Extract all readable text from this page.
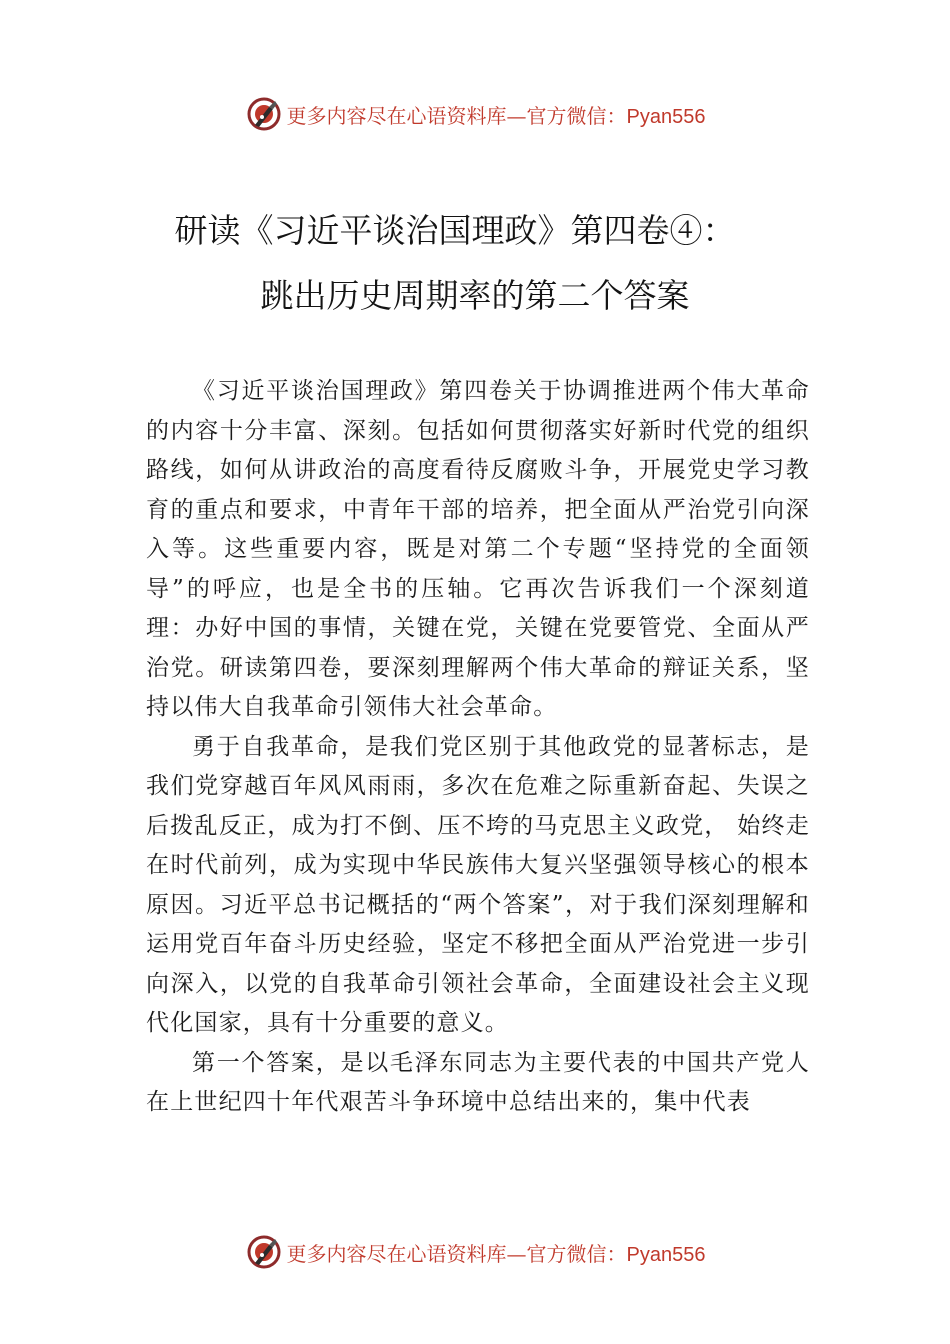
更多内容尽在心语资料库—官方微信：Pyan556
研读《习近平谈治国理政》第四卷④：
跳出历史周期率的第二个答案

《习近平谈治国理政》第四卷关于协调推进两个伟大革命的内容十分丰富、深刻。包括如何贯彻落实好新时代党的组织路线，如何从讲政治的高度看待反腐败斗争，开展党史学习教育的重点和要求，中青年干部的培养，把全面从严治党引向深入等。这些重要内容，既是对第二个专题“坚持党的全面领导”的呼应，也是全书的压轴。它再次告诉我们一个深刻道理：办好中国的事情，关键在党，关键在党要管党、全面从严治党。研读第四卷，要深刻理解两个伟大革命的辩证关系，坚持以伟大自我革命引领伟大社会革命。

勇于自我革命，是我们党区别于其他政党的显著标志，是我们党穿越百年风风雨雨，多次在危难之际重新奋起、失误之后拨乱反正，成为打不倒、压不垮的马克思主义政党， 始终走在时代前列，成为实现中华民族伟大复兴坚强领导核心的根本原因。习近平总书记概括的“两个答案”，对于我们深刻理解和运用党百年奋斗历史经验，坚定不移把全面从严治党进一步引向深入，以党的自我革命引领社会革命，全面建设社会主义现代化国家，具有十分重要的意义。

第一个答案，是以毛泽东同志为主要代表的中国共产党人在上世纪四十年代艰苦斗争环境中总结出来的，集中代表

更多内容尽在心语资料库—官方微信：Pyan556
